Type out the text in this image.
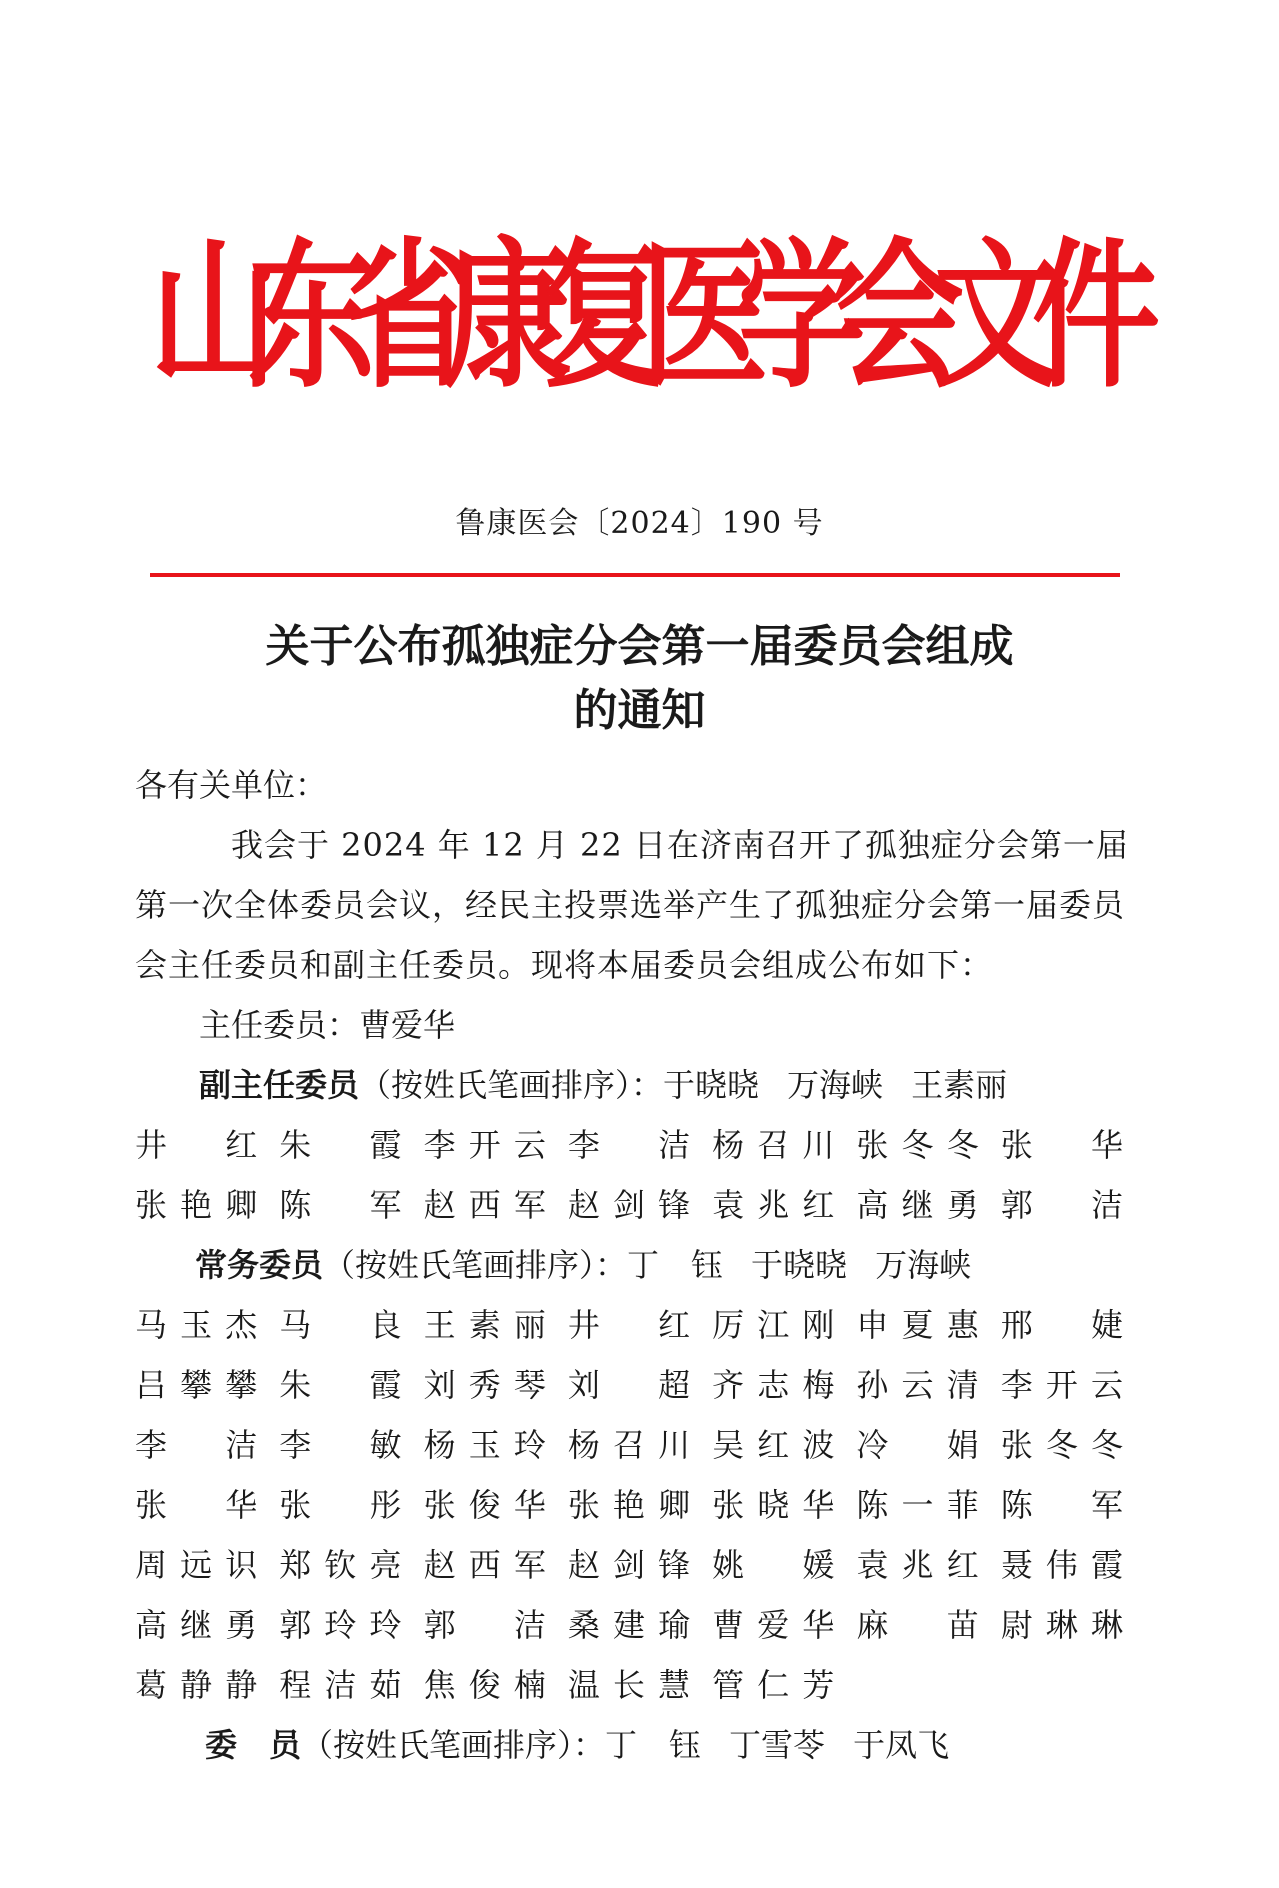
山
东
省
康
复
医
学
会
文
件
鲁康医会〔2024〕190 号
关于公布孤独症分会第一届委员会组成
的通知
各有关单位：
我会于 2024 年 12 月 22 日在济南召开了孤独症分会第一届第一次全体委员会议，经民主投票选举产生了孤独症分会第一届委员会主任委员和副主任委员。现将本届委员会组成公布如下：
主任委员：曹爱华
副主任委员（按姓氏笔画排序）：于晓晓 万海峡 王素丽
井 红 朱 霞 李开云 李 洁 杨召川 张冬冬 张 华
张艳卿 陈 军 赵西军 赵剑锋 袁兆红 高继勇 郭 洁
常务委员（按姓氏笔画排序）：丁 钰 于晓晓 万海峡
马玉杰 马 良 王素丽 井 红 厉江刚 申夏惠 邢 婕
吕攀攀 朱 霞 刘秀琴 刘 超 齐志梅 孙云清 李开云
李 洁 李 敏 杨玉玲 杨召川 吴红波 冷 娟 张冬冬
张 华 张 彤 张俊华 张艳卿 张晓华 陈一菲 陈 军
周远识 郑钦亮 赵西军 赵剑锋 姚 媛 袁兆红 聂伟霞
高继勇 郭玲玲 郭 洁 桑建瑜 曹爱华 麻 苗 尉琳琳
葛静静 程洁茹 焦俊楠 温长慧 管仁芳
委 员（按姓氏笔画排序）：丁 钰 丁雪苓 于凤飞
